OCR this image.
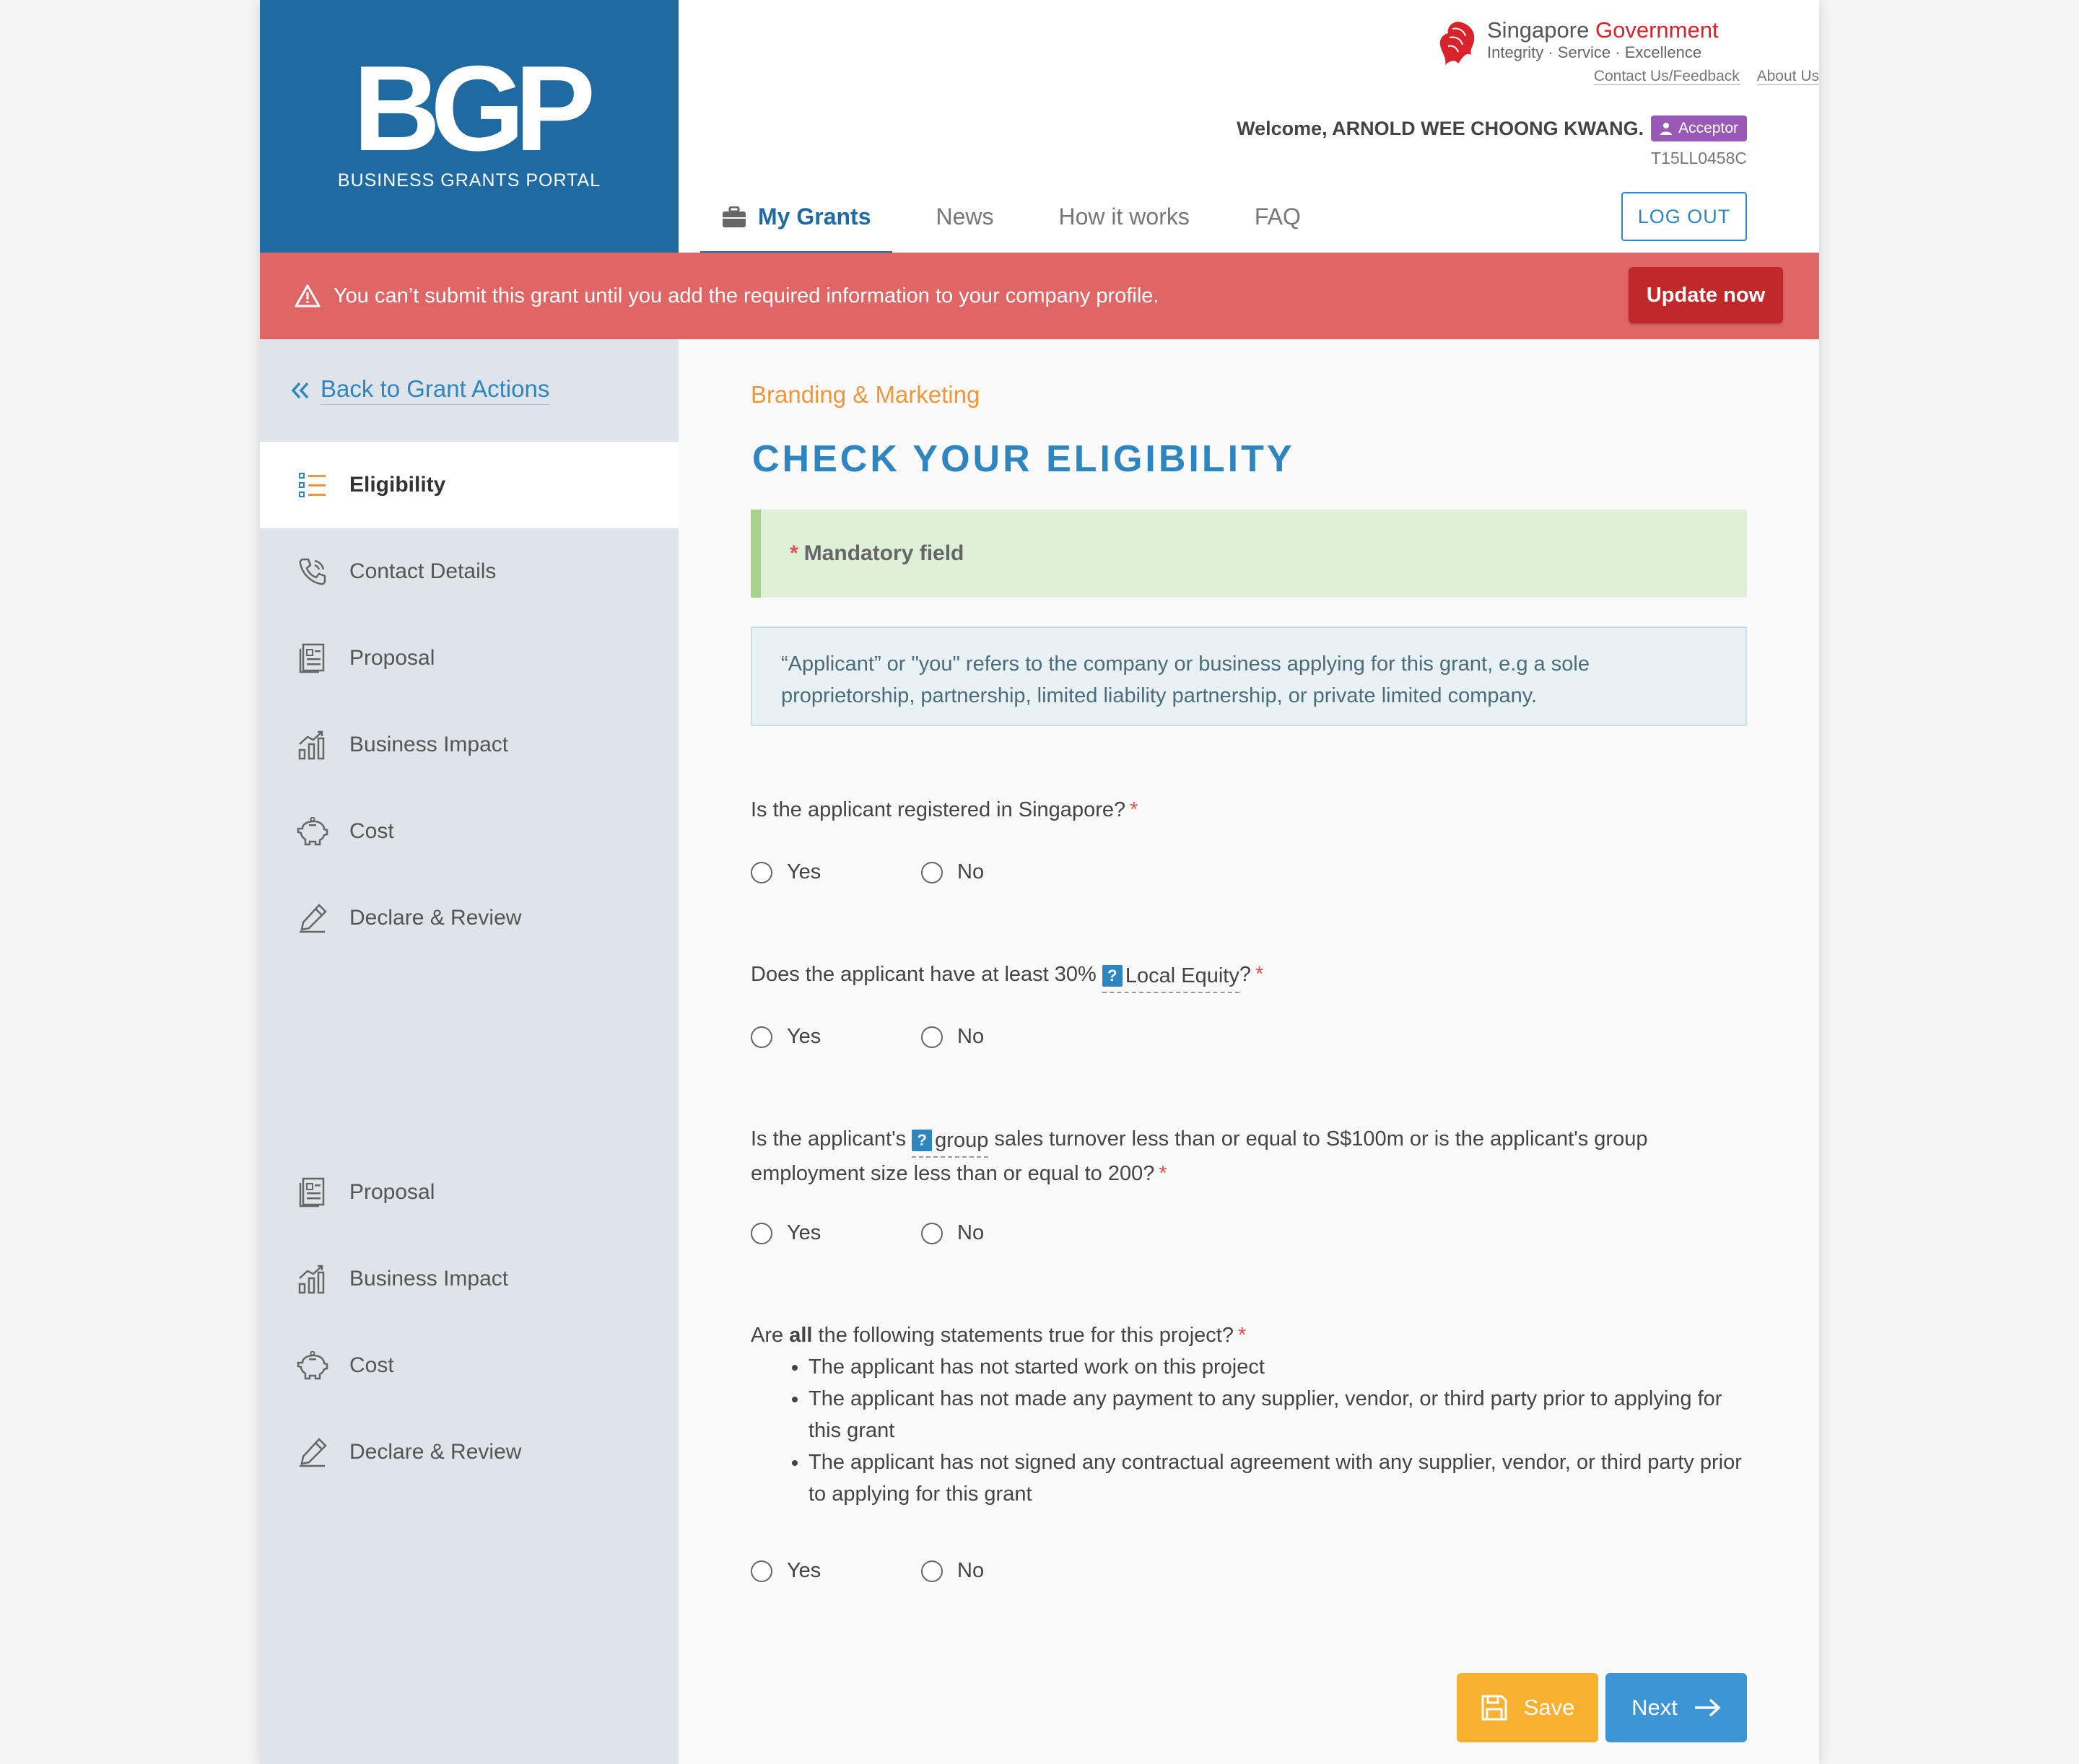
BGP
BUSINESS GRANTS PORTAL
Singapore Government
Integrity · Service · Excellence
Contact Us/Feedback About Us
Welcome, ARNOLD WEE CHOONG KWANG. Acceptor
T15LL0458C
My Grants	News	How it works	FAQ	LOG OUT
You can’t submit this grant until you add the required information to your company profile.	Update now
Back to Grant Actions
Eligibility
Contact Details
Proposal
Business Impact
Cost
Declare & Review
Proposal
Business Impact
Cost
Declare & Review
Branding & Marketing
CHECK YOUR ELIGIBILITY
* Mandatory field
“Applicant” or "you" refers to the company or business applying for this grant, e.g a sole proprietorship, partnership, limited liability partnership, or private limited company.
Is the applicant registered in Singapore? *
Yes	No
Does the applicant have at least 30% ? Local Equity ? *
Yes	No
Is the applicant's ? group sales turnover less than or equal to S$100m or is the applicant's group employment size less than or equal to 200? *
Yes	No
Are all the following statements true for this project? *
• The applicant has not started work on this project
• The applicant has not made any payment to any supplier, vendor, or third party prior to applying for this grant
• The applicant has not signed any contractual agreement with any supplier, vendor, or third party prior to applying for this grant
Yes	No
Save	Next
